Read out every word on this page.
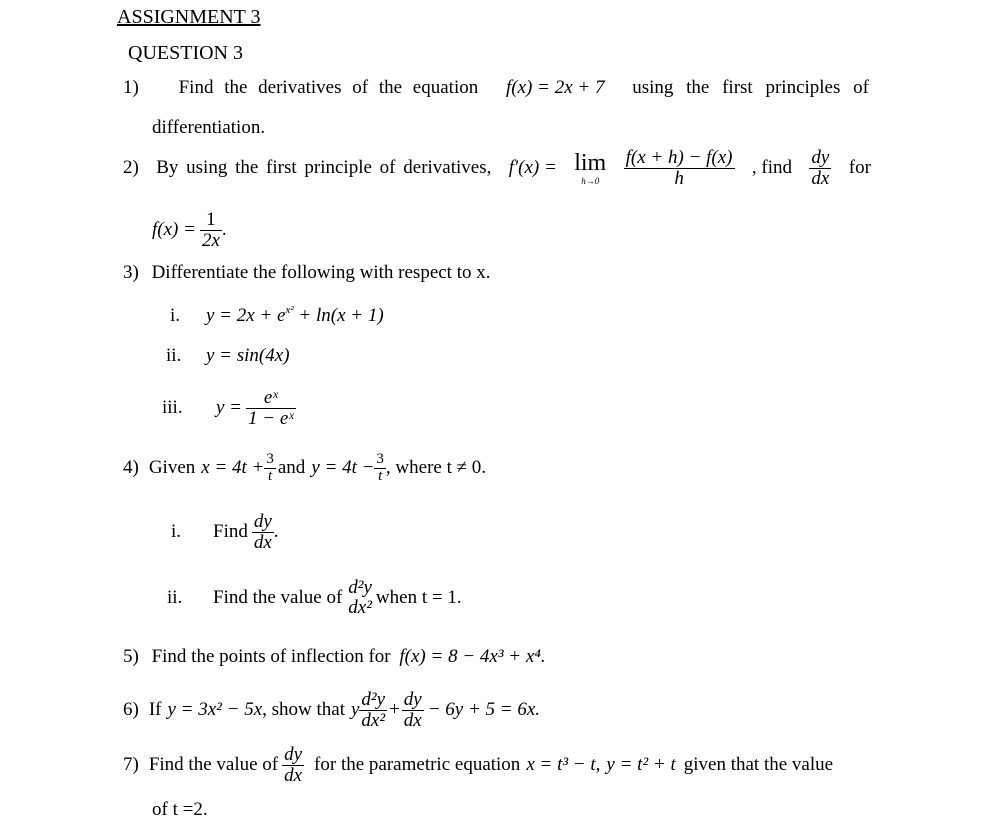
ASSIGNMENT 3
QUESTION 3
1) Find the derivatives of the equation f(x) = 2x + 7 using the first principles of
differentiation.
2) By using the first principle of derivatives, f'(x) = lim
h→0	$\frac{f(x + h) - f(x)}{h}$ , find $\frac{dy}{dx}$ for
$f(x) = \frac{1}{2x}$ .
3) Differentiate the following with respect to x.
i. $y = 2x + e^{x^2} + \ln(x + 1)$
ii. y = sin(4x)
iii.	$y = \frac{\text{eˣ}}{\text{1 − eˣ}}$
4) Given $x = 4t + \frac{3}{t}$ and $y = 4t - \frac{3}{t}$ , where t ≠ 0.
i.	Find $\frac{dy}{dx}$ .
ii.	Find the value of d²y
dx² when t = 1.
5) Find the points of inflection for f(x) = 8 − 4x³ + x⁴.
6) If y = 3x² − 5x , show that y $\frac{\text{d²y}}{\text{dx²}} + \frac{dy}{dx} - 6y + 5 = 6x$.
7) Find the value of $\frac{dy}{dx}$ for the parametric equation x = t³ − t, y = t² + t given that the value
of t =2.
